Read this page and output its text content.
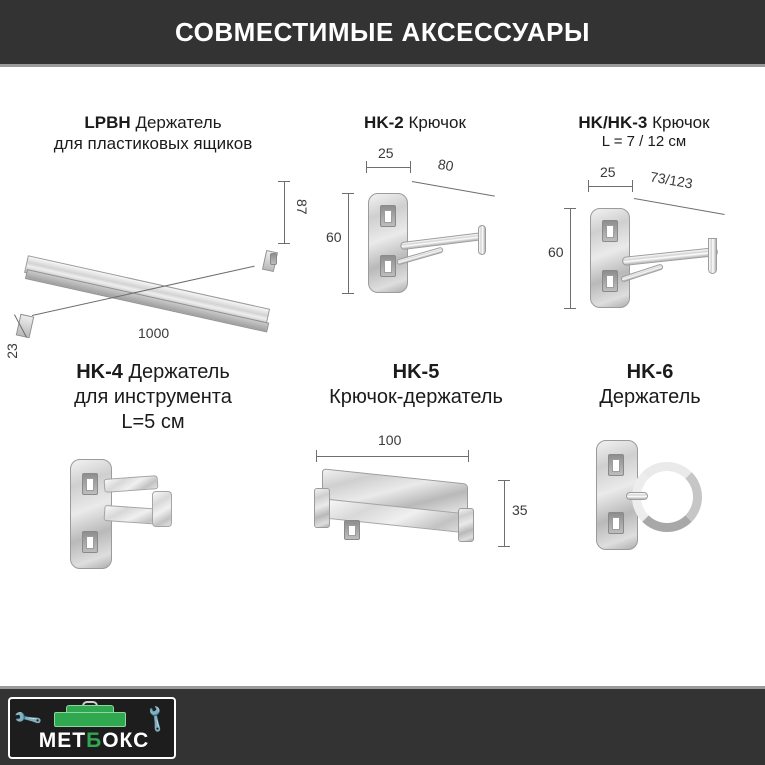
СОВМЕСТИМЫЕ АКСЕССУАРЫ
LPBH Держатель
для пластиковых ящиков
1000
87
23
HK-2 Крючок
25
80
60
HK/HK-3 Крючок
L = 7 / 12 см
25 73/123
60
HK-4 Держатель
для инструмента
L=5 см
HK-5
Крючок-держатель
100
35
HK-6
Держатель
🔧	🔧
МЕТБОКС
